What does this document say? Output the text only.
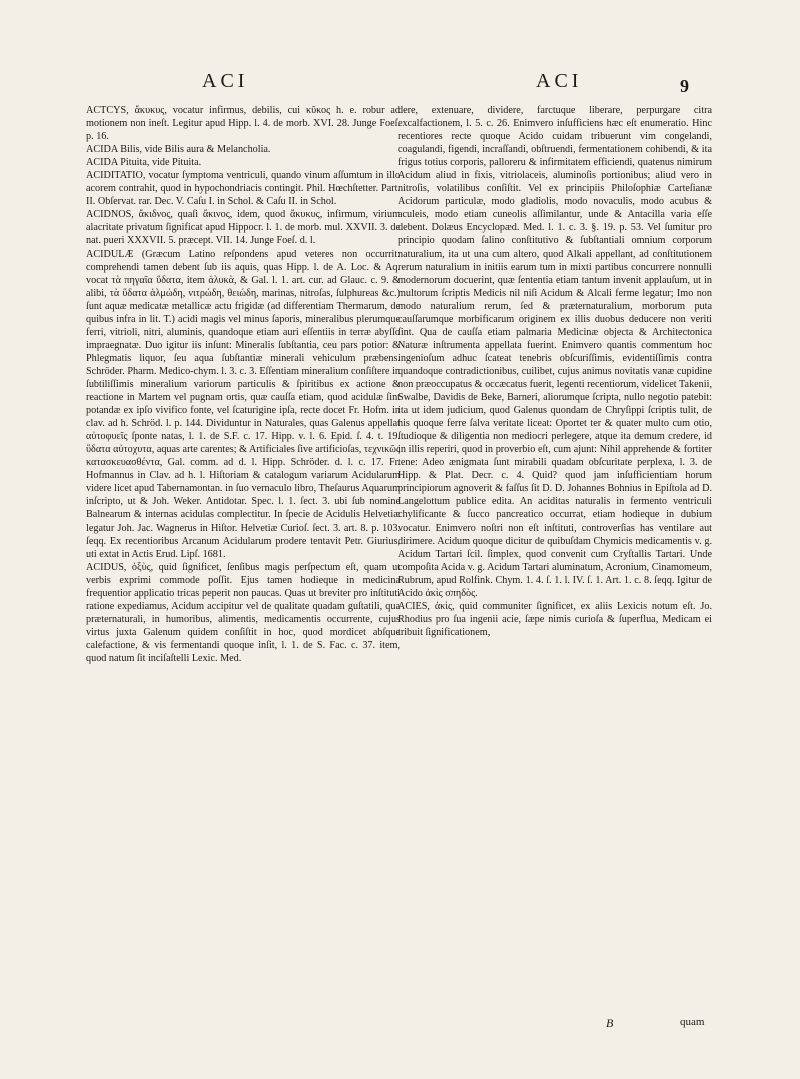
ACI	ACI	9

ACTCYS, ἄκυκυς, vocatur infirmus, debilis, cui κῦκος h. e. robur ad motionem non ineſt. Legitur apud Hipp. l. 4. de morb. XVI. 28. Junge Foeſ. p. 16.

ACIDA Bilis, vide Bilis aura & Melancholia.

ACIDA Pituita, vide Pituita.

ACIDITATIO, vocatur ſymptoma ventriculi, quando vinum aſſumtum in illo acorem contrahit, quod in hypochondriacis contingit. Phil. Hœchſtetter. Part. II. Obſervat. rar. Dec. V. Caſu I. in Schol. & Caſu II. in Schol.

ACIDNOS, ἄκιδνος, quaſi ἄκινος, idem, quod ἄκυκυς, infirmum, virium alacritate privatum ſignificat apud Hippocr. l. 1. de morb. mul. XXVII. 3. de nat. pueri XXXVII. 5. præcept. VII. 14. Junge Foeſ. d. l.

ACIDULÆ (Græcum Latino reſpondens apud veteres non occurrit: comprehendi tamen debent ſub iis aquis, quas Hipp. l. de A. Loc. & Aq. vocat τὰ πηγαῖα ὕδατα, item ἁλυκὰ, & Gal. l. 1. art. cur. ad Glauc. c. 9. & alibi, τὰ ὕδατα ἁλμώδη, νιτρώδη, θειώδη, marinas, nitroſas, ſulphureas &c.) ſunt aquæ medicatæ metallicæ actu frigidæ (ad differentiam Thermarum, de quibus infra in lit. T.) acidi magis vel minus ſaporis, mineralibus plerumque ferri, vitrioli, nitri, aluminis, quandoque etiam auri eſſentiis in terræ abyſſo impraegnatæ. Duo igitur iis inſunt: Mineralis ſubſtantia, ceu pars potior: & Phlegmatis liquor, ſeu aqua ſubſtantiæ minerali vehiculum præbens. Schröder. Pharm. Medico-chym. l. 3. c. 3. Eſſentiam mineralium conſiſtere in ſubtiliſſimis mineralium variorum particulis & ſpiritibus ex actione & reactione in Martem vel pugnam ortis, quæ cauſſa etiam, quod acidulæ ſint potandæ ex ipſo vivifico fonte, vel ſcaturigine ipſa, recte docet Fr. Hofm. in clav. ad h. Schröd. l. p. 144. Dividuntur in Naturales, quas Galenus appellat αὐτοφυεῖς ſponte natas, l. 1. de S.F. c. 17. Hipp. v. l. 6. Epid. ſ. 4. t. 19. ὕδατα αὐτοχυτα, aquas arte carentes; & Artificiales ſive artificioſas, τεχνικῶς κατασκευασθέντα, Gal. comm. ad d. l. Hipp. Schröder. d. l. c. 17. Fr. Hofmannus in Clav. ad h. l. Hiſtoriam & catalogum variarum Acidularum videre licet apud Tabernamontan. in ſuo vernaculo libro, Theſaurus Aquarum inſcripto, ut & Joh. Weker. Antidotar. Spec. l. 1. ſect. 3. ubi ſub nomine Balnearum & internas acidulas complectitur. In ſpecie de Acidulis Helvetiæ legatur Joh. Jac. Wagnerus in Hiſtor. Helvetiæ Curioſ. ſect. 3. art. 8. p. 103. ſeqq. Ex recentioribus Arcanum Acidularum prodere tentavit Petr. Giurius, uti extat in Actis Erud. Lipſ. 1681.

ACIDUS, ὀξὺς, quid ſignificet, ſenſibus magis perſpectum eſt, quam ut verbis exprimi commode poſſit. Ejus tamen hodieque in medicina frequentior applicatio tricas peperit non paucas. Quas ut breviter pro inſtituti ratione expediamus, Acidum accipitur vel de qualitate quadam guſtatili, qua præternaturali, in humoribus, alimentis, medicamentis occurrente, cujus virtus juxta Galenum quidem conſiſtit in hoc, quod mordicet abſque calefactione, & vis fermentandi quoque inſit, l. 1. de S. Fac. c. 37. item, quod natum ſit inciſaſtelli Lexic. Med.

dere, extenuare, dividere, farctuque liberare, perpurgare citra excalfactionem, l. 5. c. 26. Enimvero inſufficiens hæc eſt enumeratio. Hinc recentiores recte quoque Acido cuidam tribuerunt vim congelandi, coagulandi, figendi, incraſſandi, obſtruendi, fermentationem cohibendi, & ita frigus totius corporis, palloreru & infirmitatem efficiendi, quatenus nimirum Acidum aliud in fixis, vitriolaceis, aluminoſis portionibus; aliud vero in nitroſis, volatilibus conſiſtit. Vel ex principiis Philoſophiæ Carteſianæ Acidorum particulæ, modo gladiolis, modo novaculis, modo acubus & aculeis, modo etiam cuneolis aſſimilantur, unde & Antacilla varia eſſe debent. Dolæus Encyclopæd. Med. l. 1. c. 3. §. 19. p. 53. Vel ſumitur pro principio quodam ſalino conſtitutivo & ſubſtantiali omnium corporum naturalium, ita ut una cum altero, quod Alkali appellant, ad conſtitutionem rerum naturalium in initiis earum tum in mixti partibus concurrere nonnulli modernorum docuerint, quæ ſententia etiam tantum invenit applauſum, ut in multorum ſcriptis Medicis nil niſi Acidum & Alcali ferme legatur; Imo non modo naturalium rerum, ſed & præternaturalium, morborum puta cauſſarumque morbificarum originem ex illis duobus deducere non veriti ſint. Qua de cauſſa etiam palmaria Medicinæ objecta & Architectonica Naturæ inſtrumenta appellata fuerint. Enimvero quantis commentum hoc ingenioſum adhuc ſcateat tenebris obſcuriſſimis, evidentiſſimis contra quandoque contradictionibus, cuilibet, cujus animus novitatis vanæ cupidine non præoccupatus & occæcatus fuerit, legenti recentiorum, videlicet Takenii, Swalbe, Davidis de Beke, Barneri, aliorumque ſcripta, nullo negotio patebit: ita ut idem judicium, quod Galenus quondam de Chryſippi ſcriptis tulit, de his quoque ferre ſalva veritate liceat: Oportet ter & quater multo cum otio, ſtudioque & diligentia non mediocri perlegere, atque ita demum credere, id in illis reperiri, quod in proverbio eſt, cum ajunt: Nihil apprehende & fortiter tene: Adeo ænigmata ſunt mirabili quadam obſcuritate perplexa, l. 3. de Hipp. & Plat. Decr. c. 4. Quid? quod jam inſufficientiam horum principiorum agnoverit & faſſus ſit D. D. Johannes Bohnius in Epiſtola ad D. Langelottum publice edita. An aciditas naturalis in fermento ventriculi chylificante & ſucco pancreatico occurrat, etiam hodieque in dubium vocatur. Enimvero noſtri non eſt inſtituti, controverſias has ventilare aut dirimere. Acidum quoque dicitur de quibuſdam Chymicis medicamentis v. g. Acidum Tartari ſcil. ſimplex, quod convenit cum Cryſtallis Tartari. Unde compoſita Acida v. g. Acidum Tartari aluminatum, Acronium, Cinamomeum, Rubrum, apud Rolfink. Chym. 1. 4. ſ. 1. l. IV. ſ. 1. Art. 1. c. 8. ſeqq. Igitur de Acido ἀκὶς σπηδὸς.

ACIES, ἀκὶς, quid communiter ſignificet, ex aliis Lexicis notum eſt. Jo. Rhodius pro ſua ingenii acie, ſæpe nimis curioſa & ſuperflua, Medicam ei tribuit ſignificationem,

B	quam
